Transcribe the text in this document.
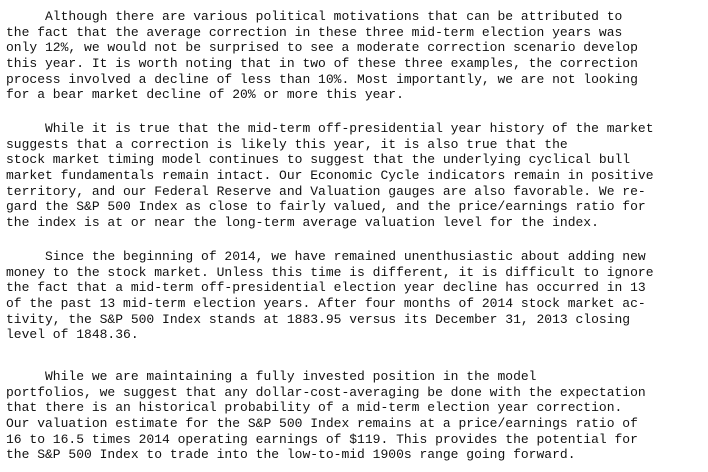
Although there are various political motivations that can be attributed to
the fact that the average correction in these three mid-term election years was
only 12%, we would not be surprised to see a moderate correction scenario develop
this year. It is worth noting that in two of these three examples, the correction
process involved a decline of less than 10%. Most importantly, we are not looking
for a bear market decline of 20% or more this year.
While it is true that the mid-term off-presidential year history of the market
suggests that a correction is likely this year, it is also true that the
stock market timing model continues to suggest that the underlying cyclical bull
market fundamentals remain intact. Our Economic Cycle indicators remain in positive
territory, and our Federal Reserve and Valuation gauges are also favorable. We re-
gard the S&P 500 Index as close to fairly valued, and the price/earnings ratio for
the index is at or near the long-term average valuation level for the index.
Since the beginning of 2014, we have remained unenthusiastic about adding new
money to the stock market. Unless this time is different, it is difficult to ignore
the fact that a mid-term off-presidential election year decline has occurred in 13
of the past 13 mid-term election years. After four months of 2014 stock market ac-
tivity, the S&P 500 Index stands at 1883.95 versus its December 31, 2013 closing
level of 1848.36.
While we are maintaining a fully invested position in the model
portfolios, we suggest that any dollar-cost-averaging be done with the expectation
that there is an historical probability of a mid-term election year correction.
Our valuation estimate for the S&P 500 Index remains at a price/earnings ratio of
16 to 16.5 times 2014 operating earnings of $119. This provides the potential for
the S&P 500 Index to trade into the low-to-mid 1900s range going forward.
